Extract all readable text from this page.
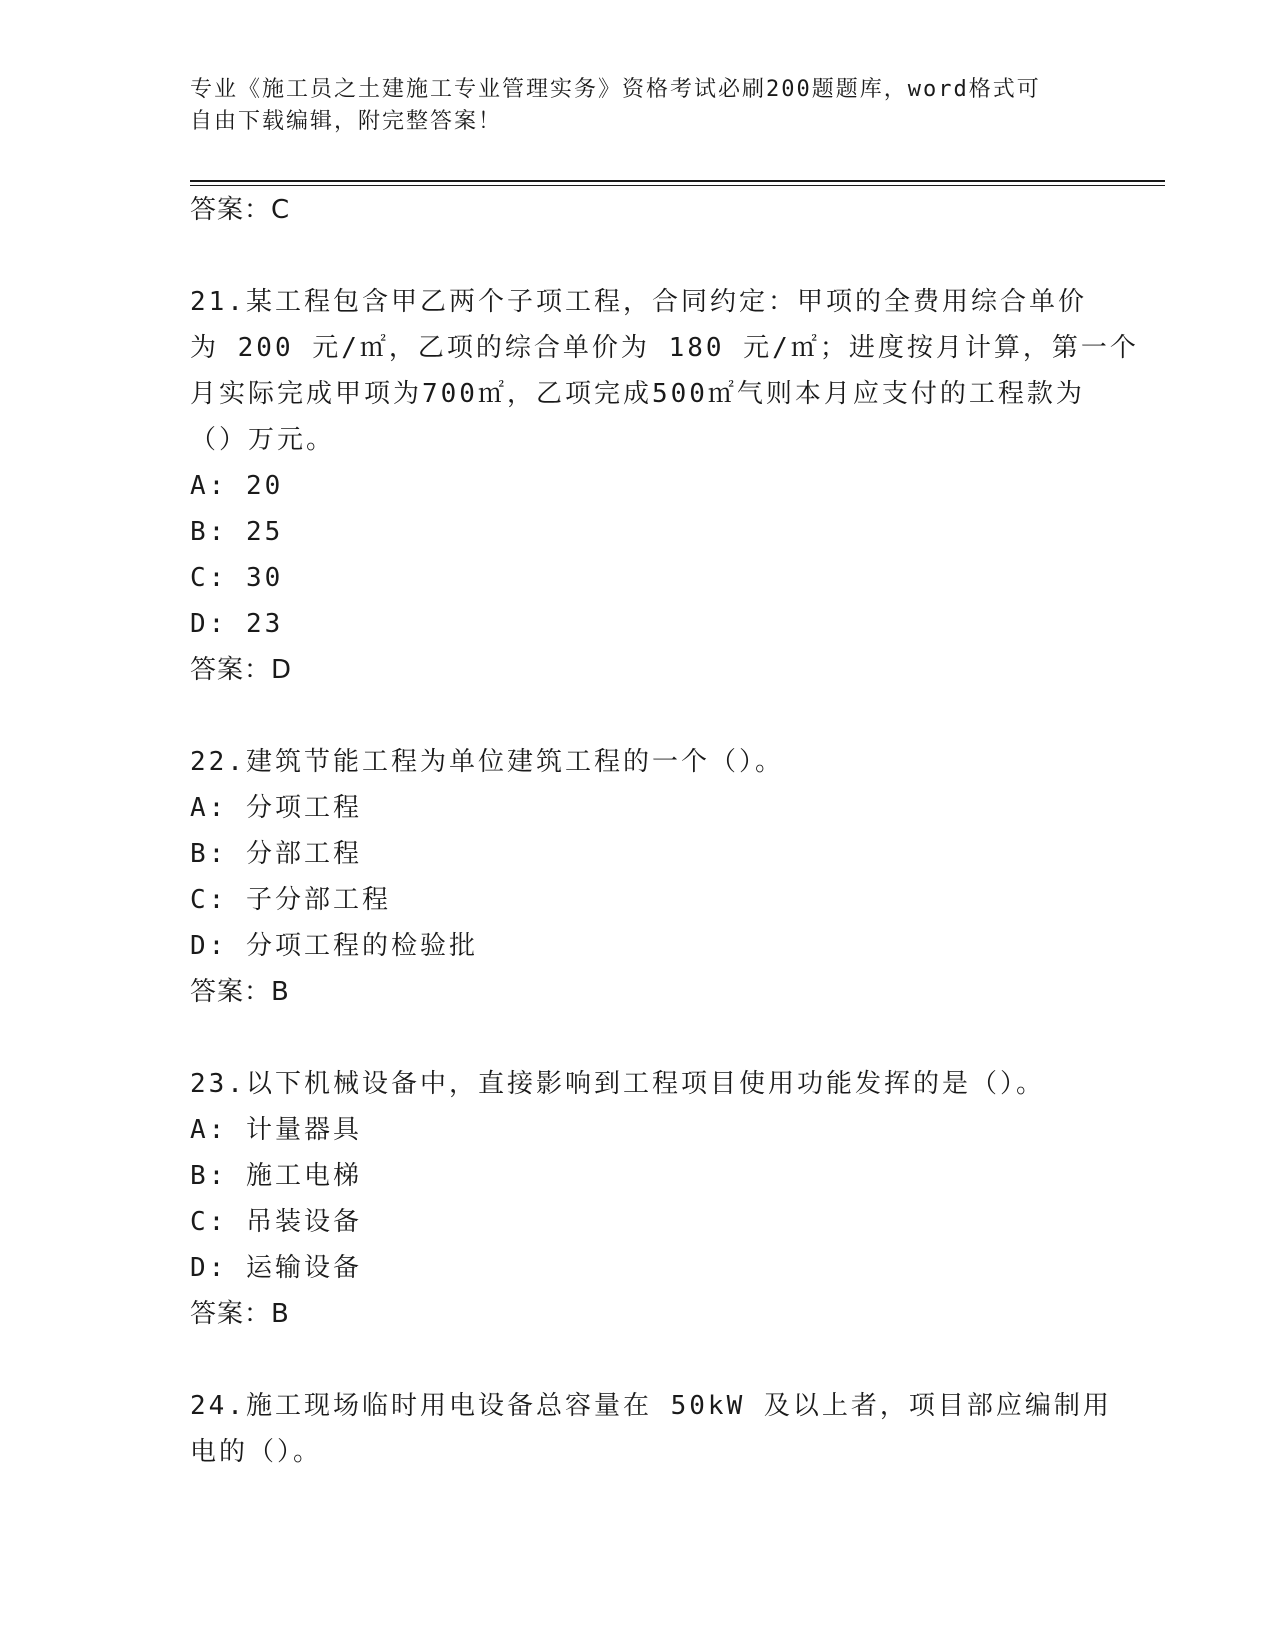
专业《施工员之土建施工专业管理实务》资格考试必刷200题题库，word格式可
自由下载编辑，附完整答案！
答案：C
21.某工程包含甲乙两个子项工程，合同约定：甲项的全费用综合单价
为 200 元/㎡，乙项的综合单价为 180 元/㎡；进度按月计算，第一个
月实际完成甲项为700㎡，乙项完成500㎡气则本月应支付的工程款为
（）万元。
A: 20
B: 25
C: 30
D: 23
答案：D
22.建筑节能工程为单位建筑工程的一个（）。
A: 分项工程
B: 分部工程
C: 子分部工程
D: 分项工程的检验批
答案：B
23.以下机械设备中，直接影响到工程项目使用功能发挥的是（）。
A: 计量器具
B: 施工电梯
C: 吊装设备
D: 运输设备
答案：B
24.施工现场临时用电设备总容量在 50kW 及以上者，项目部应编制用
电的（）。
